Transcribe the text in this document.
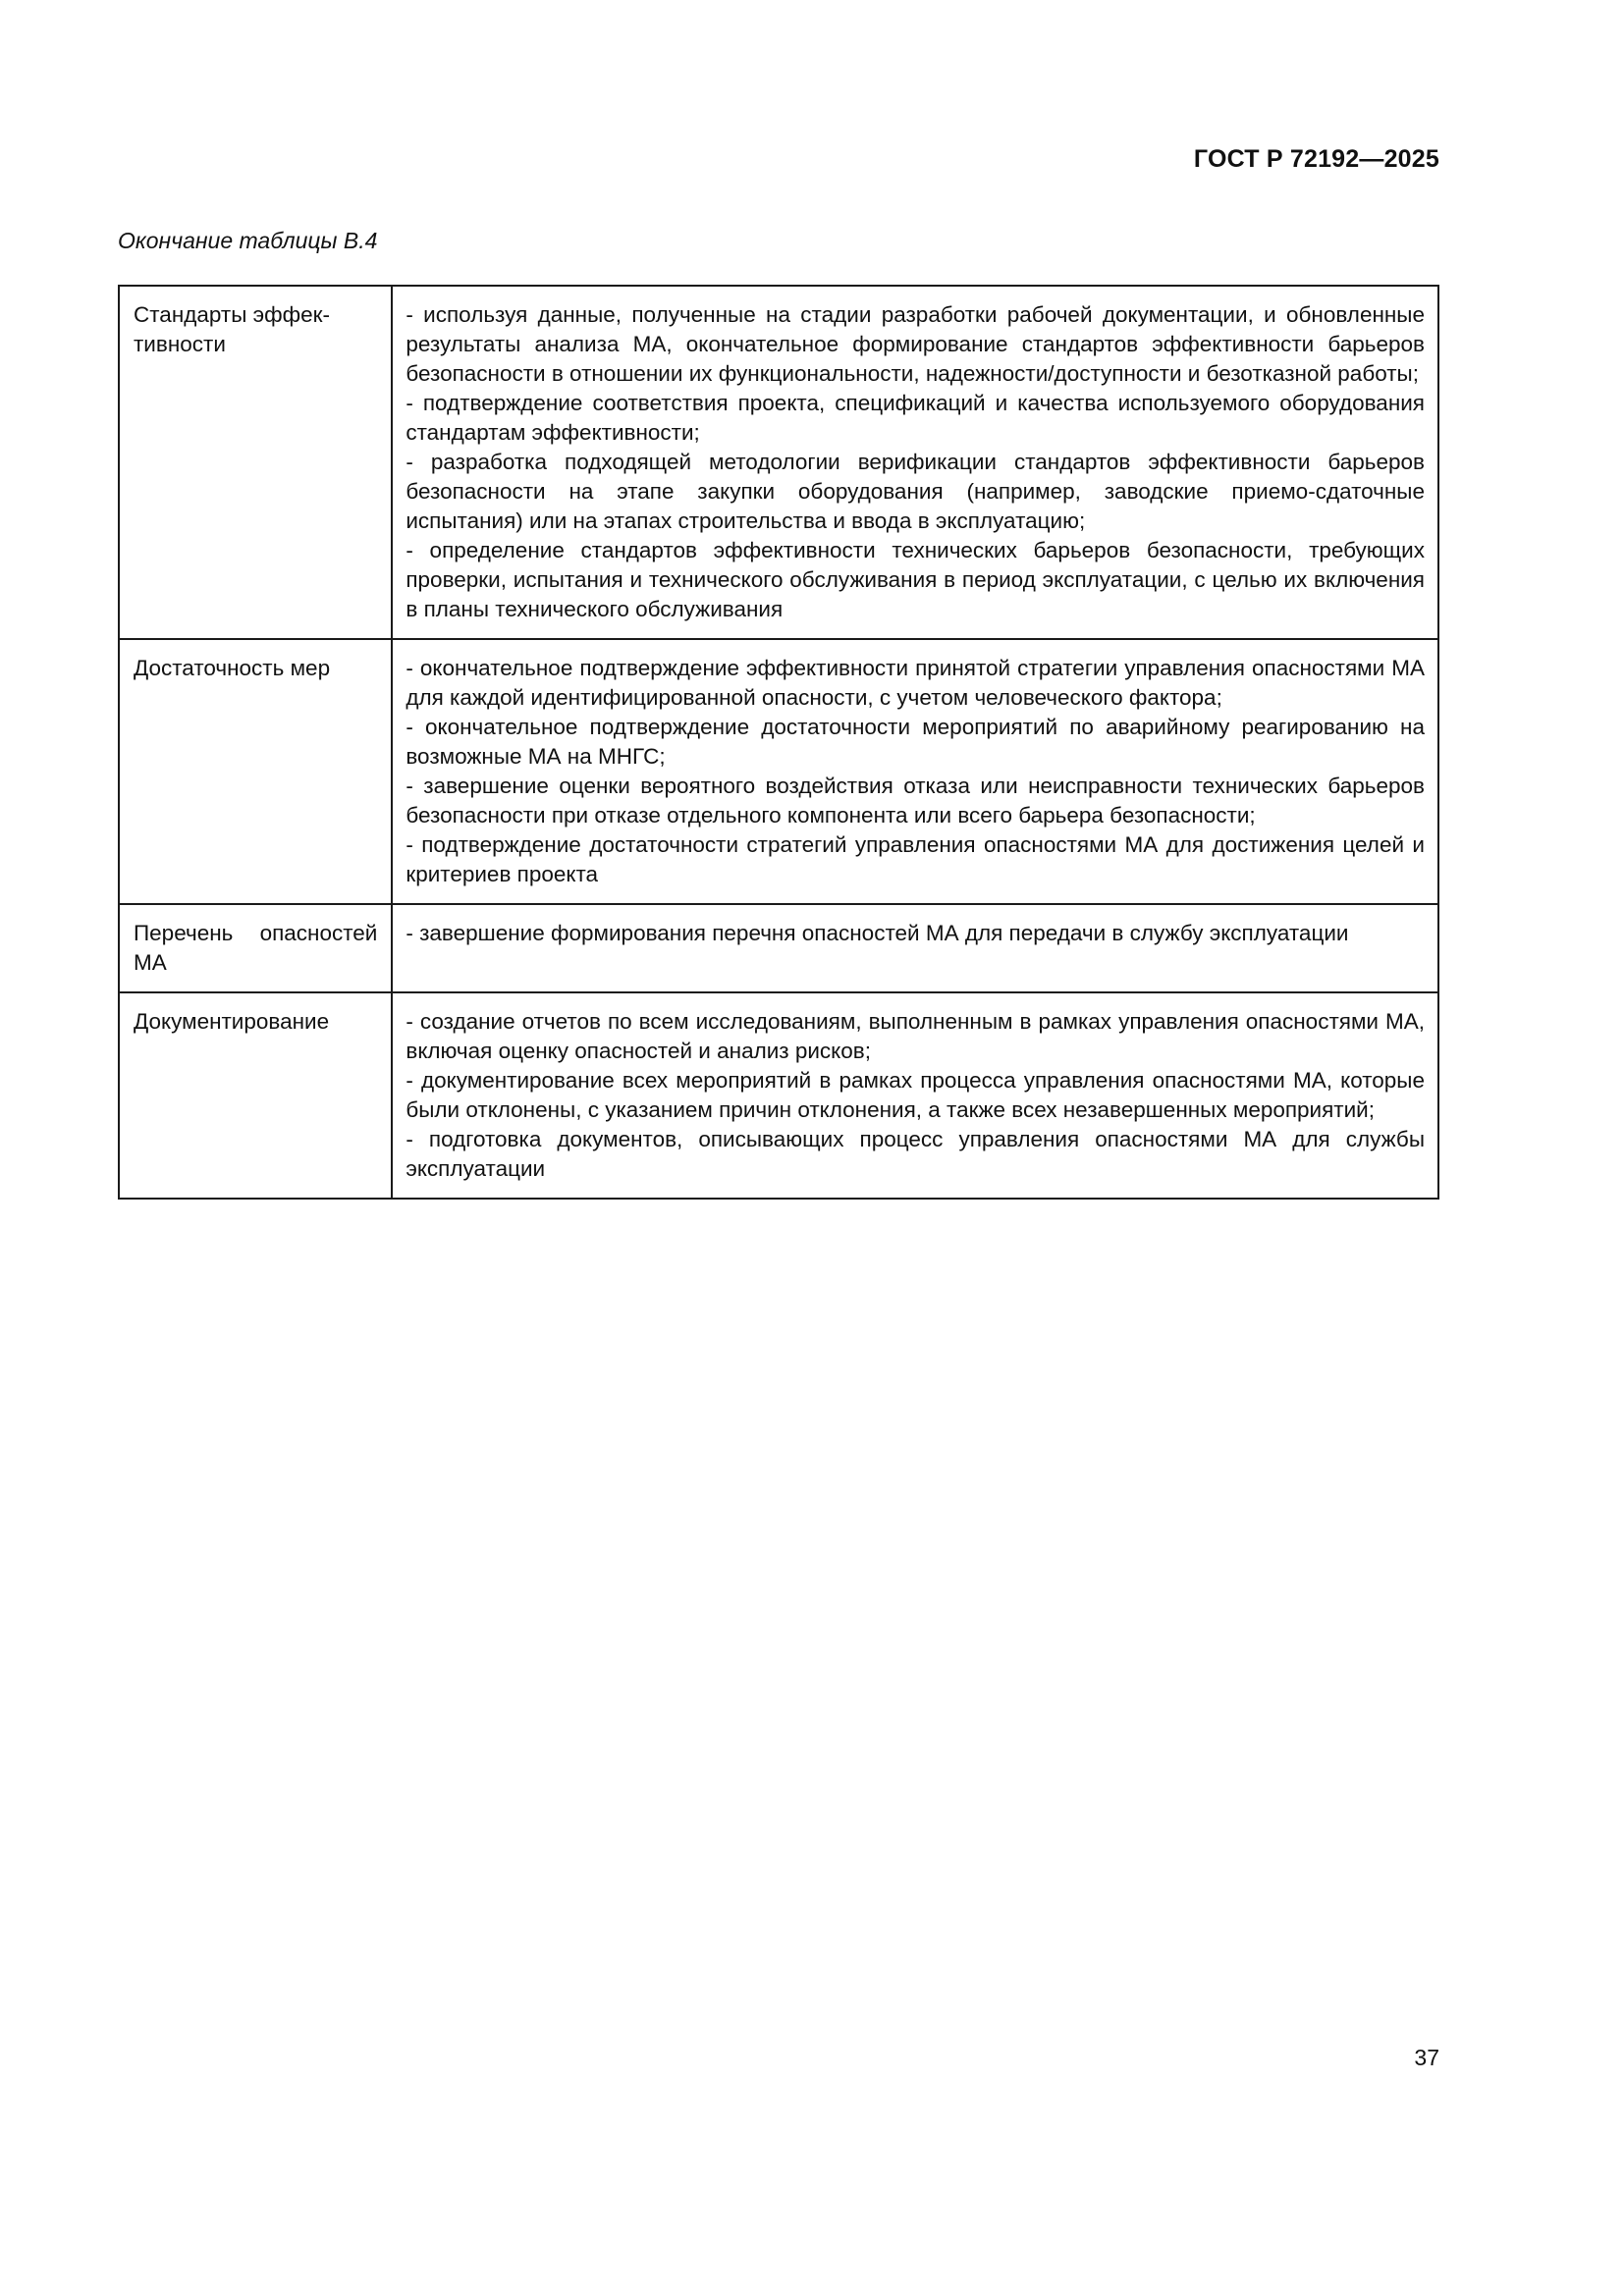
ГОСТ Р 72192—2025

Окончание таблицы В.4

Стандарты эффек-
тивности	- используя данные, полученные на стадии разработки рабочей документации, и обновленные результаты анализа МА, окончательное формирование стандартов эффективности барьеров безопасности в отношении их функциональности, надежности/доступности и безотказной работы;
- подтверждение соответствия проекта, спецификаций и качества используемого оборудования стандартам эффективности;
- разработка подходящей методологии верификации стандартов эффективности барьеров безопасности на этапе закупки оборудования (например, заводские приемо-сдаточные испытания) или на этапах строительства и ввода в эксплуатацию;
- определение стандартов эффективности технических барьеров безопасности, требующих проверки, испытания и технического обслуживания в период эксплуатации, с целью их включения в планы технического обслуживания

Достаточность мер	- окончательное подтверждение эффективности принятой стратегии управления опасностями МА для каждой идентифицированной опасности, с учетом человеческого фактора;
- окончательное подтверждение достаточности мероприятий по аварийному реагированию на возможные МА на МНГС;
- завершение оценки вероятного воздействия отказа или неисправности технических барьеров безопасности при отказе отдельного компонента или всего барьера безопасности;
- подтверждение достаточности стратегий управления опасностями МА для достижения целей и критериев проекта

Перечень опасностей МА	- завершение формирования перечня опасностей МА для передачи в службу эксплуатации

Документирование	- создание отчетов по всем исследованиям, выполненным в рамках управления опасностями МА, включая оценку опасностей и анализ рисков;
- документирование всех мероприятий в рамках процесса управления опасностями МА, которые были отклонены, с указанием причин отклонения, а также всех незавершенных мероприятий;
- подготовка документов, описывающих процесс управления опасностями МА для службы эксплуатации

37
